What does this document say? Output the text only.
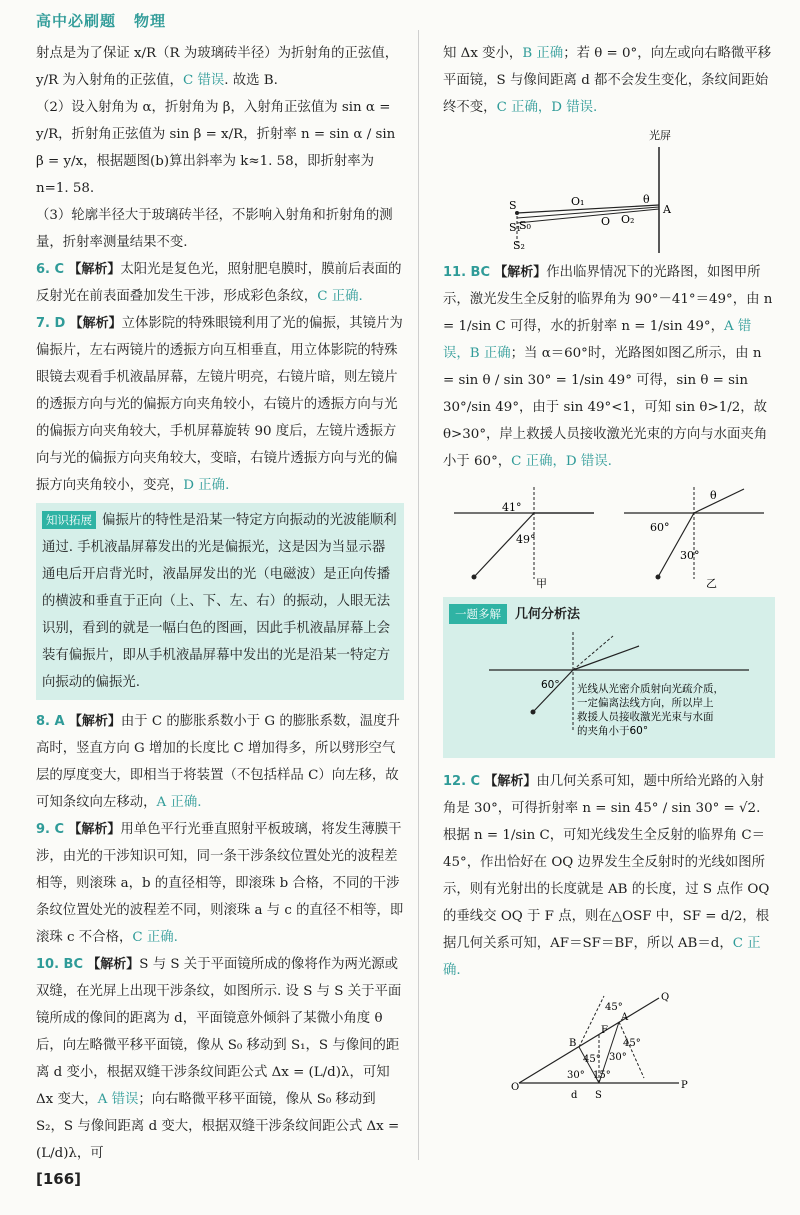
高中必刷题 物理

射点是为了保证 x/R（R 为玻璃砖半径）为折射角的正弦值，

y/R 为入射角的正弦值，C 错误. 故选 B.

（2）设入射角为 α，折射角为 β，入射角正弦值为 sin α = y/R，折射角正弦值为 sin β = x/R，折射率 n = sin α / sin β = y/x，根据题图(b)算出斜率为 k≈1. 58，即折射率为 n=1. 58.

（3）轮廓半径大于玻璃砖半径，不影响入射角和折射角的测量，折射率测量结果不变.

6. C 【解析】太阳光是复色光，照射肥皂膜时，膜前后表面的反射光在前表面叠加发生干涉，形成彩色条纹，C 正确.

7. D 【解析】立体影院的特殊眼镜利用了光的偏振，其镜片为偏振片，左右两镜片的透振方向互相垂直，用立体影院的特殊眼镜去观看手机液晶屏幕，左镜片明亮，右镜片暗，则左镜片的透振方向与光的偏振方向夹角较小，右镜片的透振方向与光的偏振方向夹角较大，手机屏幕旋转 90 度后，左镜片透振方向与光的偏振方向夹角较大，变暗，右镜片透振方向与光的偏振方向夹角较小，变亮，D 正确.

知识拓展 偏振片的特性是沿某一特定方向振动的光波能顺利通过. 手机液晶屏幕发出的光是偏振光，这是因为当显示器通电后开启背光时，液晶屏发出的光（电磁波）是正向传播的横波和垂直于正向（上、下、左、右）的振动，人眼无法识别，看到的就是一幅白色的图画，因此手机液晶屏幕上会装有偏振片，即从手机液晶屏幕中发出的光是沿某一特定方向振动的偏振光.

8. A 【解析】由于 C 的膨胀系数小于 G 的膨胀系数，温度升高时，竖直方向 G 增加的长度比 C 增加得多，所以劈形空气层的厚度变大，即相当于将装置（不包括样品 C）向左移，故可知条纹向左移动，A 正确.

9. C 【解析】用单色平行光垂直照射平板玻璃，将发生薄膜干涉，由光的干涉知识可知，同一条干涉条纹位置处光的波程差相等，则滚珠 a，b 的直径相等，即滚珠 b 合格，不同的干涉条纹位置处光的波程差不同，则滚珠 a 与 c 的直径不相等，即滚珠 c 不合格，C 正确.

10. BC 【解析】S 与 S 关于平面镜所成的像将作为两光源或双缝，在光屏上出现干涉条纹，如图所示. 设 S 与 S 关于平面镜所成的像间的距离为 d，平面镜意外倾斜了某微小角度 θ 后，向左略微平移平面镜，像从 S₀ 移动到 S₁，S 与像间的距离 d 变小，根据双缝干涉条纹间距公式 Δx = (L/d)λ，可知 Δx 变大，A 错误；向右略微平移平面镜，像从 S₀ 移动到 S₂，S 与像间距离 d 变大，根据双缝干涉条纹间距公式 Δx = (L/d)λ，可

知 Δx 变小，B 正确；若 θ = 0°，向左或向右略微平移平面镜，S 与像间距离 d 都不会发生变化，条纹间距始终不变，C 正确，D 错误.

光屏
S
S₀
S₁
S₂
O₁
O O₂
θ
A

11. BC 【解析】作出临界情况下的光路图，如图甲所示，激光发生全反射的临界角为 90°－41°＝49°，由 n = 1/sin C 可得，水的折射率 n = 1/sin 49°，A 错误，B 正确；当 α＝60°时，光路图如图乙所示，由 n = sin θ / sin 30° = 1/sin 49° 可得，sin θ = sin 30°/sin 49°，由于 sin 49°<1，可知 sin θ>1/2，故 θ>30°，岸上救援人员接收激光光束的方向与水面夹角小于 60°，C 正确，D 错误.

41°
49°
甲
60°
30°
θ
乙
一题多解 几何分析法
60° 光线从光密介质射向光疏介质，
一定偏离法线方向，所以岸上
救援人员接收激光光束与水面
的夹角小于60°

12. C 【解析】由几何关系可知，题中所给光路的入射角是 30°，可得折射率 n = sin 45° / sin 30° = √2. 根据 n = 1/sin C，可知光线发生全反射的临界角 C＝45°，作出恰好在 OQ 边界发生全反射时的光线如图所示，则有光射出的长度就是 AB 的长度，过 S 点作 OQ 的垂线交 OQ 于 F 点，则在△OSF 中，SF = d/2，根据几何关系可知，AF＝SF＝BF，所以 AB＝d，C 正确.

O	P
Q
A
B
F
S
d
45°
45°
45°
30°
30°
15°
[166]
